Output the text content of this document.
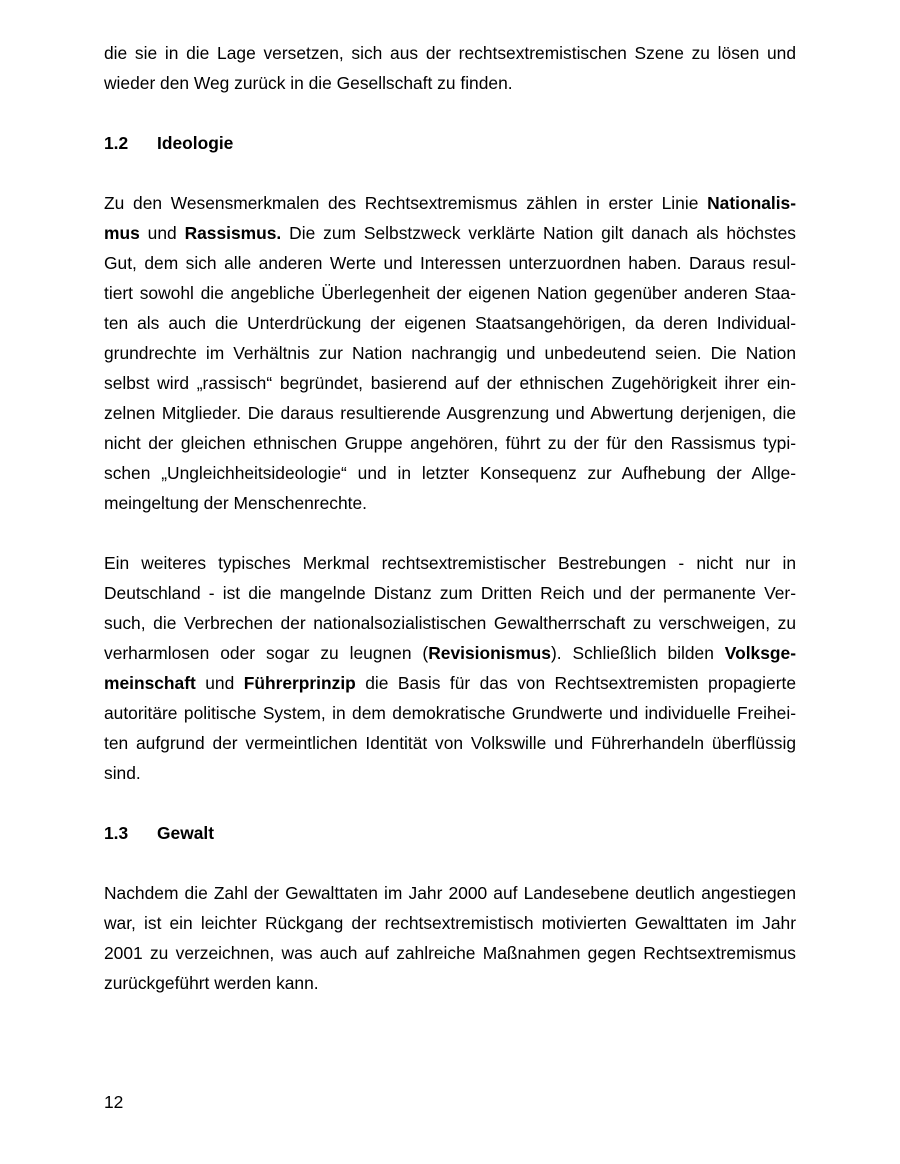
die sie in die Lage versetzen, sich aus der rechtsextremistischen Szene zu lösen und
wieder den Weg zurück in die Gesellschaft zu finden.
1.2 Ideologie
Zu den Wesensmerkmalen des Rechtsextremismus zählen in erster Linie Nationalis-
mus und Rassismus. Die zum Selbstzweck verklärte Nation gilt danach als höchstes
Gut, dem sich alle anderen Werte und Interessen unterzuordnen haben. Daraus resul-
tiert sowohl die angebliche Überlegenheit der eigenen Nation gegenüber anderen Staa-
ten als auch die Unterdrückung der eigenen Staatsangehörigen, da deren Individual-
grundrechte im Verhältnis zur Nation nachrangig und unbedeutend seien. Die Nation
selbst wird „rassisch“ begründet, basierend auf der ethnischen Zugehörigkeit ihrer ein-
zelnen Mitglieder. Die daraus resultierende Ausgrenzung und Abwertung derjenigen, die
nicht der gleichen ethnischen Gruppe angehören, führt zu der für den Rassismus typi-
schen „Ungleichheitsideologie“ und in letzter Konsequenz zur Aufhebung der Allge-
meingeltung der Menschenrechte.
Ein weiteres typisches Merkmal rechtsextremistischer Bestrebungen - nicht nur in
Deutschland - ist die mangelnde Distanz zum Dritten Reich und der permanente Ver-
such, die Verbrechen der nationalsozialistischen Gewaltherrschaft zu verschweigen, zu
verharmlosen oder sogar zu leugnen (Revisionismus). Schließlich bilden Volksge-
meinschaft und Führerprinzip die Basis für das von Rechtsextremisten propagierte
autoritäre politische System, in dem demokratische Grundwerte und individuelle Freihei-
ten aufgrund der vermeintlichen Identität von Volkswille und Führerhandeln überflüssig
sind.
1.3 Gewalt
Nachdem die Zahl der Gewalttaten im Jahr 2000 auf Landesebene deutlich angestiegen
war, ist ein leichter Rückgang der rechtsextremistisch motivierten Gewalttaten im Jahr
2001 zu verzeichnen, was auch auf zahlreiche Maßnahmen gegen Rechtsextremismus
zurückgeführt werden kann.
12
